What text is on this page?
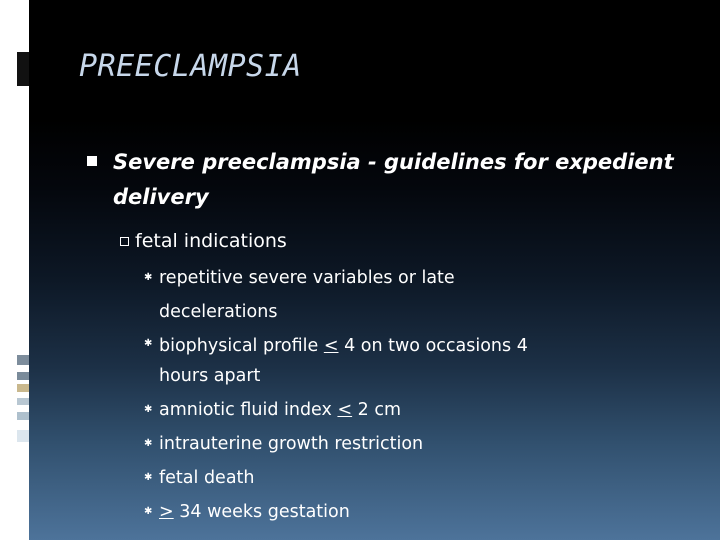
PREECLAMPSIA
Severe preeclampsia - guidelines for expedient delivery
fetal indications
✱ repetitive severe variables or late decelerations
✱ biophysical profile < 4 on two occasions 4 hours apart
✱ amniotic fluid index < 2 cm
✱ intrauterine growth restriction
✱ fetal death
✱ > 34 weeks gestation
